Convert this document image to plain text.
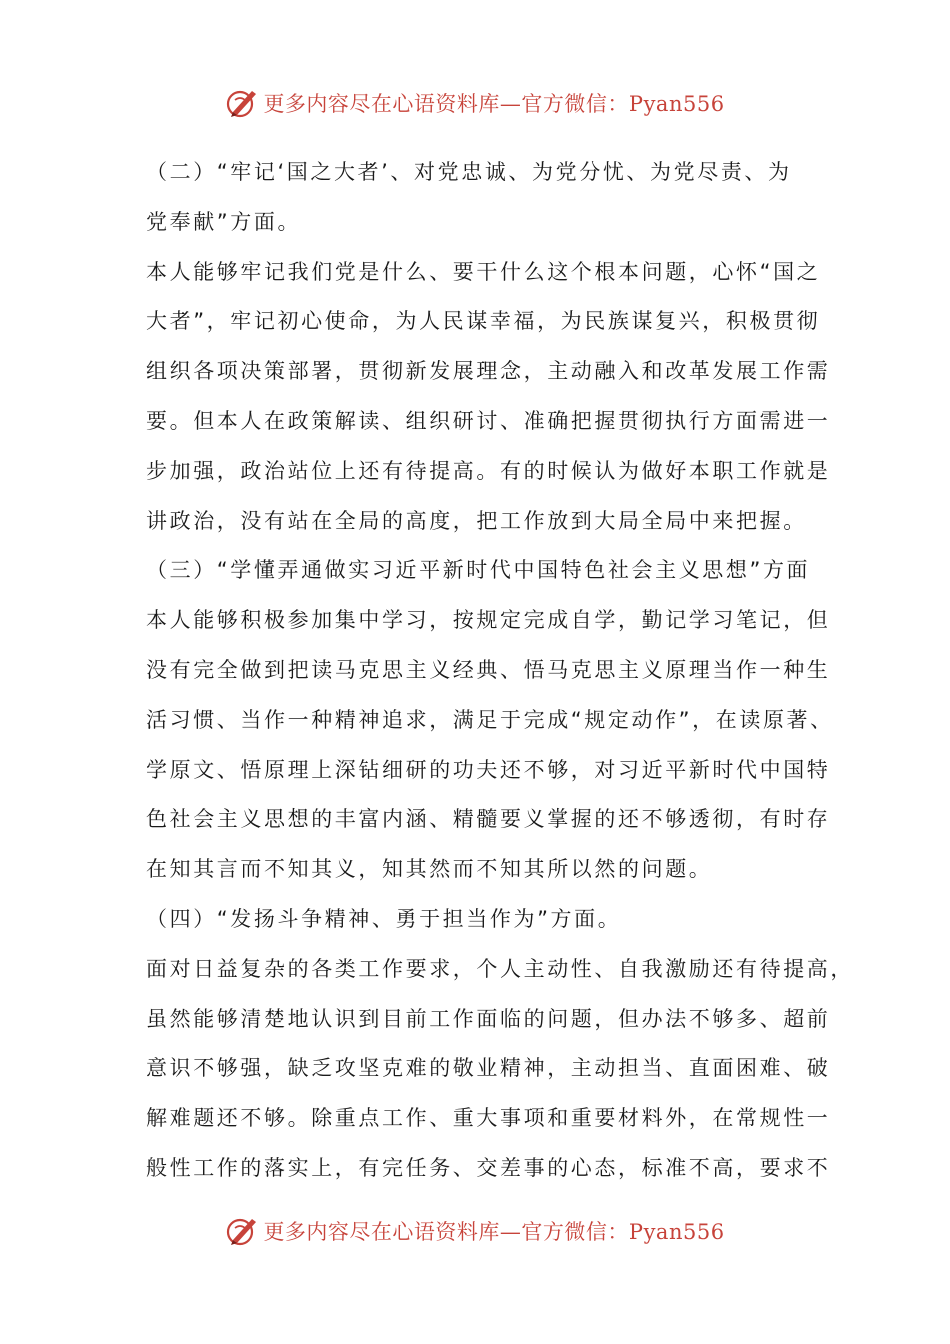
更多内容尽在心语资料库—官方微信：Pyan556

（二）“牢记‘国之大者’、对党忠诚、为党分忧、为党尽责、为

党奉献”方面。

本人能够牢记我们党是什么、要干什么这个根本问题，心怀“国之

大者”，牢记初心使命，为人民谋幸福，为民族谋复兴，积极贯彻

组织各项决策部署，贯彻新发展理念，主动融入和改革发展工作需

要。但本人在政策解读、组织研讨、准确把握贯彻执行方面需进一

步加强，政治站位上还有待提高。有的时候认为做好本职工作就是

讲政治，没有站在全局的高度，把工作放到大局全局中来把握。

（三）“学懂弄通做实习近平新时代中国特色社会主义思想”方面

本人能够积极参加集中学习，按规定完成自学，勤记学习笔记，但

没有完全做到把读马克思主义经典、悟马克思主义原理当作一种生

活习惯、当作一种精神追求，满足于完成“规定动作”，在读原著、

学原文、悟原理上深钻细研的功夫还不够，对习近平新时代中国特

色社会主义思想的丰富内涵、精髓要义掌握的还不够透彻，有时存

在知其言而不知其义，知其然而不知其所以然的问题。

（四）“发扬斗争精神、勇于担当作为”方面。

面对日益复杂的各类工作要求，个人主动性、自我激励还有待提高，

虽然能够清楚地认识到目前工作面临的问题，但办法不够多、超前

意识不够强，缺乏攻坚克难的敬业精神，主动担当、直面困难、破

解难题还不够。除重点工作、重大事项和重要材料外，在常规性一

般性工作的落实上，有完任务、交差事的心态，标准不高，要求不

更多内容尽在心语资料库—官方微信：Pyan556
